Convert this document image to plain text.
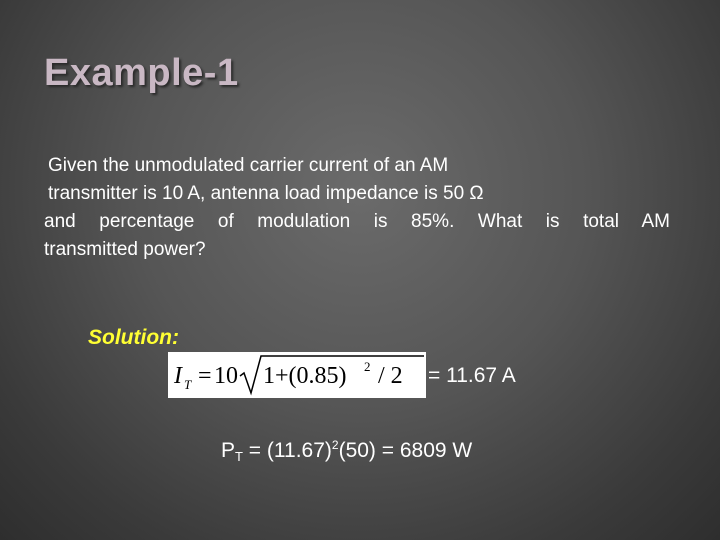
Example-1
Given the unmodulated carrier current of an AM
transmitter is 10 A, antenna load impedance is 50 Ω
and percentage of modulation is 85%. What is total AM
transmitted power?
Solution:
I T = 10 1+(0.85) 2 / 2 = 11.67 A
$P_T = (11.67)^2(50) = 6809$ W
